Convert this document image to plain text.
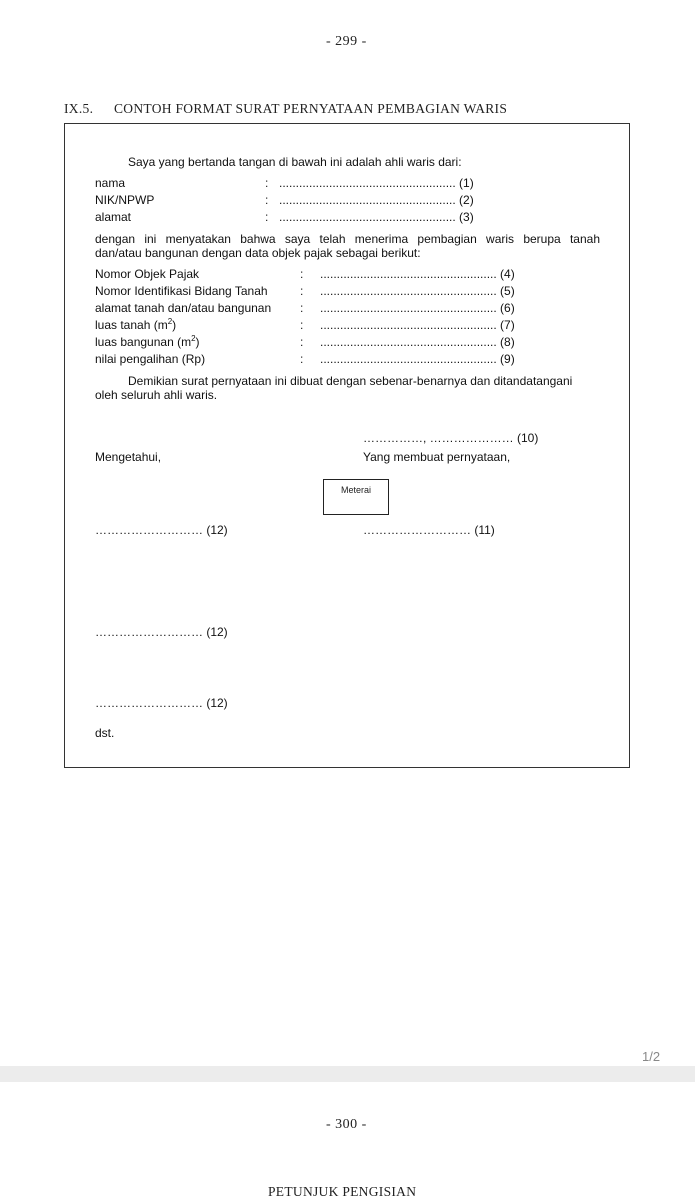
- 299 -
IX.5. CONTOH FORMAT SURAT PERNYATAAN PEMBAGIAN WARIS
Saya yang bertanda tangan di bawah ini adalah ahli waris dari:
nama	: ..................................................... (1)
NIK/NPWP	: ..................................................... (2)
alamat	: ..................................................... (3)
dengan ini menyatakan bahwa saya telah menerima pembagian waris berupa tanah
dan/atau bangunan dengan data objek pajak sebagai berikut:
Nomor Objek Pajak	: ..................................................... (4)
Nomor Identifikasi Bidang Tanah	: ..................................................... (5)
alamat tanah dan/atau bangunan : ..................................................... (6)
luas tanah $(m^2)$	: ..................................................... (7)
luas bangunan $(m^2)$	: ..................................................... (8)
nilai pengalihan (Rp)	: ..................................................... (9)
Demikian surat pernyataan ini dibuat dengan sebenar-benarnya dan ditandatangani
oleh seluruh ahli waris.
……………, ………………… (10)
Mengetahui,	Yang membuat pernyataan,
Meterai
……………………… (12)	……………………… (11)
……………………… (12)
……………………… (12)
dst.
1/2
- 300 -
PETUNJUK PENGISIAN
